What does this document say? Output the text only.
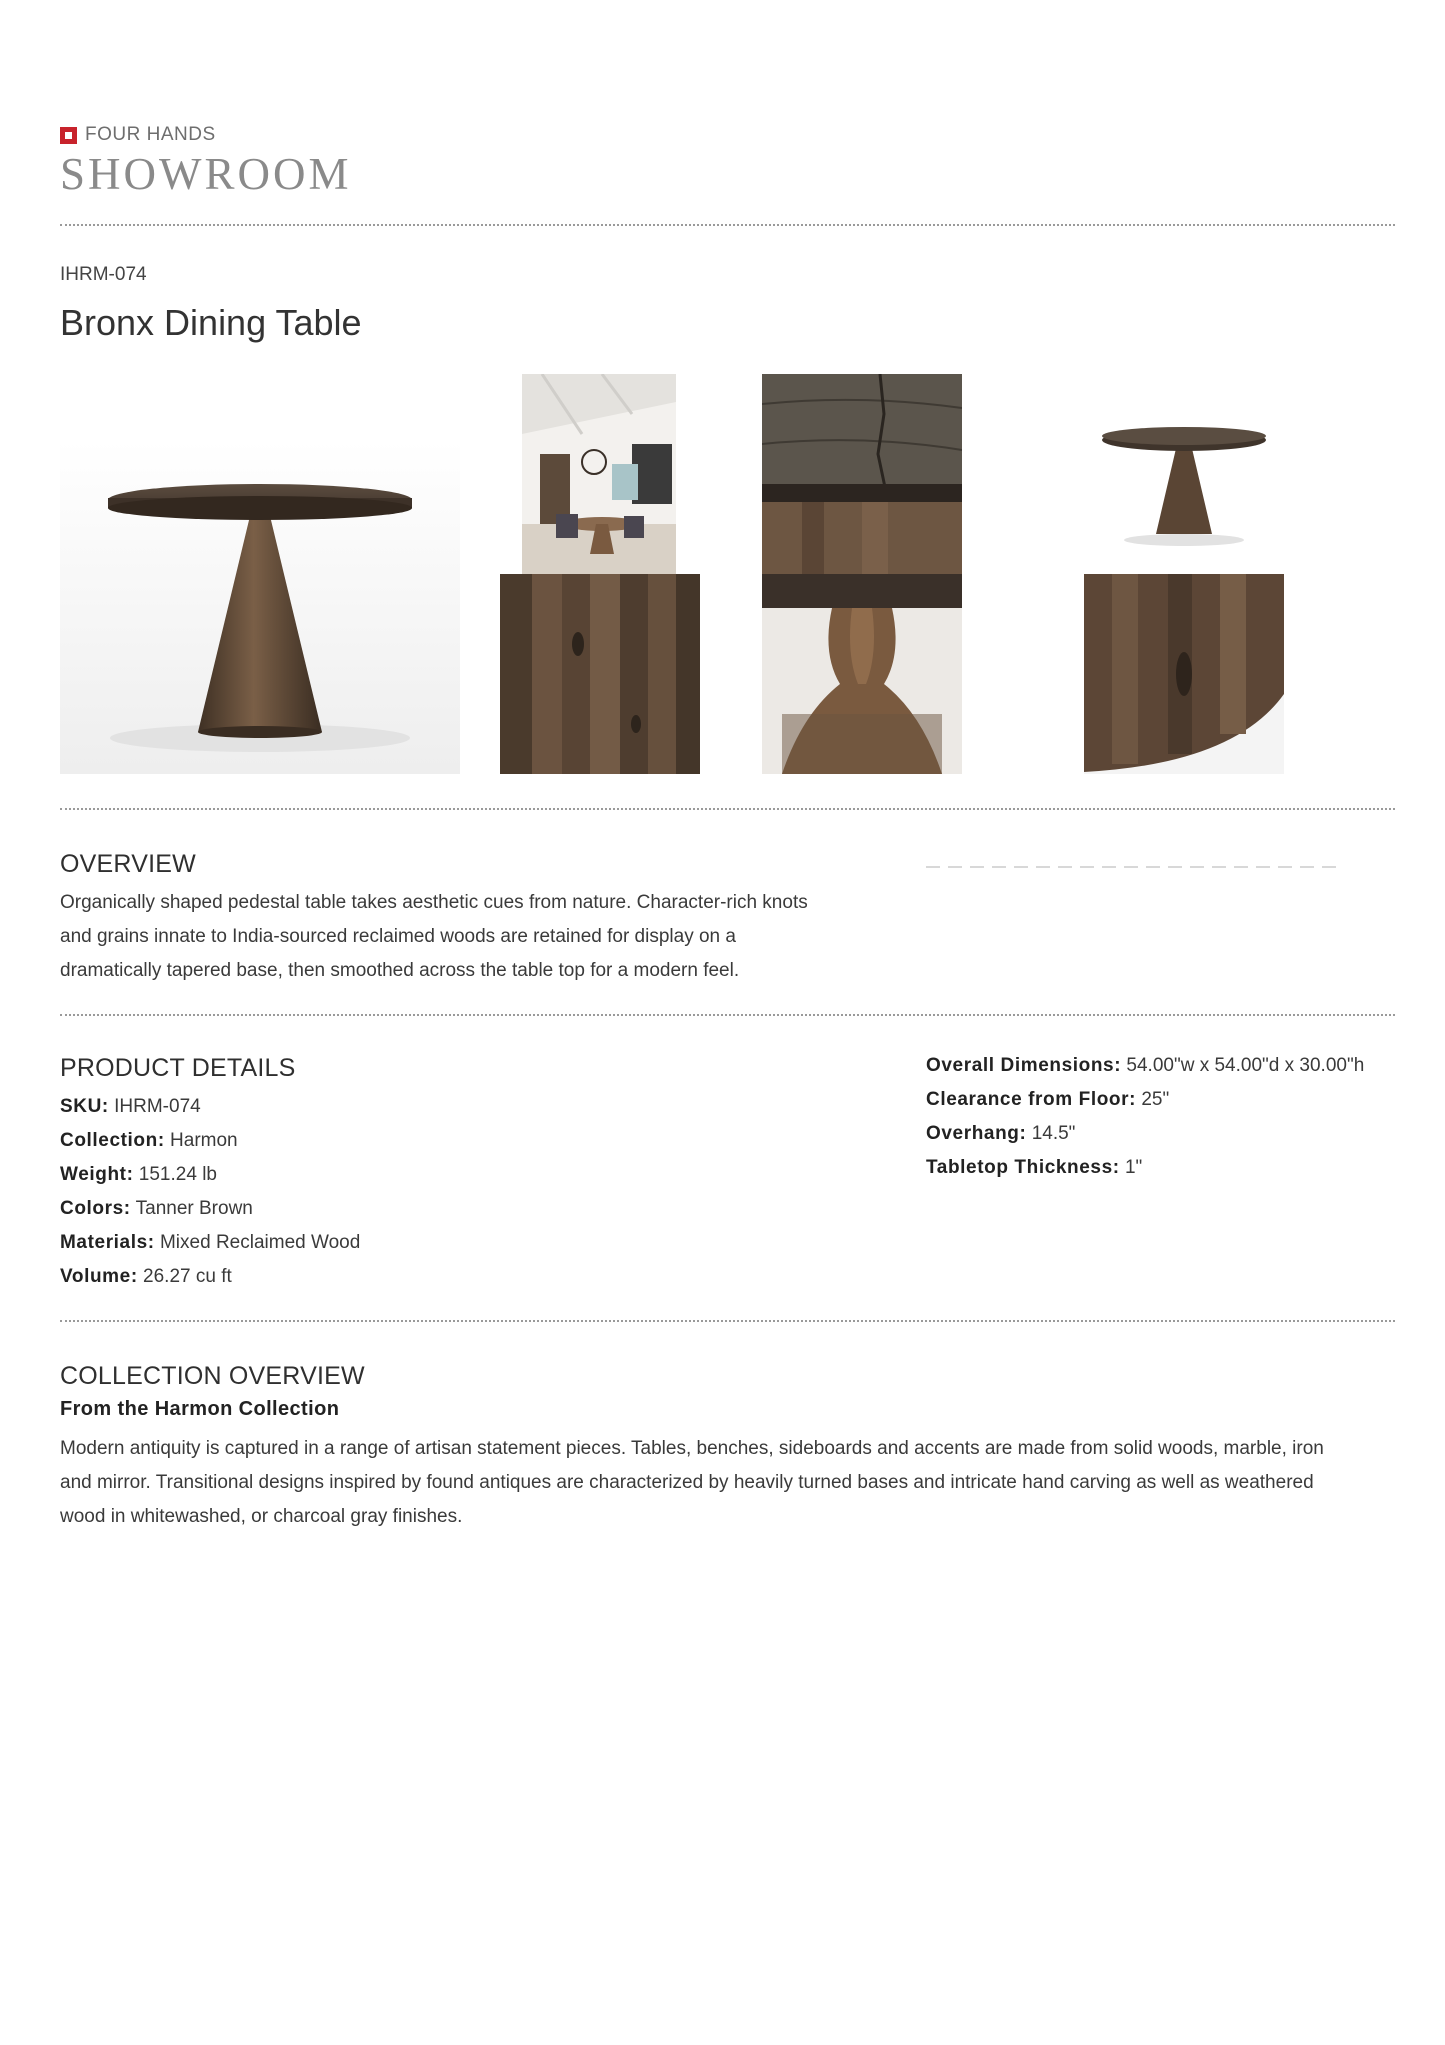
FOUR HANDS
SHOWROOM
IHRM-074
Bronx Dining Table
OVERVIEW
Organically shaped pedestal table takes aesthetic cues from nature. Character-rich knots
and grains innate to India-sourced reclaimed woods are retained for display on a
dramatically tapered base, then smoothed across the table top for a modern feel.
PRODUCT DETAILS
SKU: IHRM-074
Collection: Harmon
Weight: 151.24 lb
Colors: Tanner Brown
Materials: Mixed Reclaimed Wood
Volume: 26.27 cu ft
Overall Dimensions: 54.00"w x 54.00"d x 30.00"h
Clearance from Floor: 25"
Overhang: 14.5"
Tabletop Thickness: 1"
COLLECTION OVERVIEW
From the Harmon Collection
Modern antiquity is captured in a range of artisan statement pieces. Tables, benches, sideboards and accents are made from solid woods, marble, iron
and mirror. Transitional designs inspired by found antiques are characterized by heavily turned bases and intricate hand carving as well as weathered
wood in whitewashed, or charcoal gray finishes.
